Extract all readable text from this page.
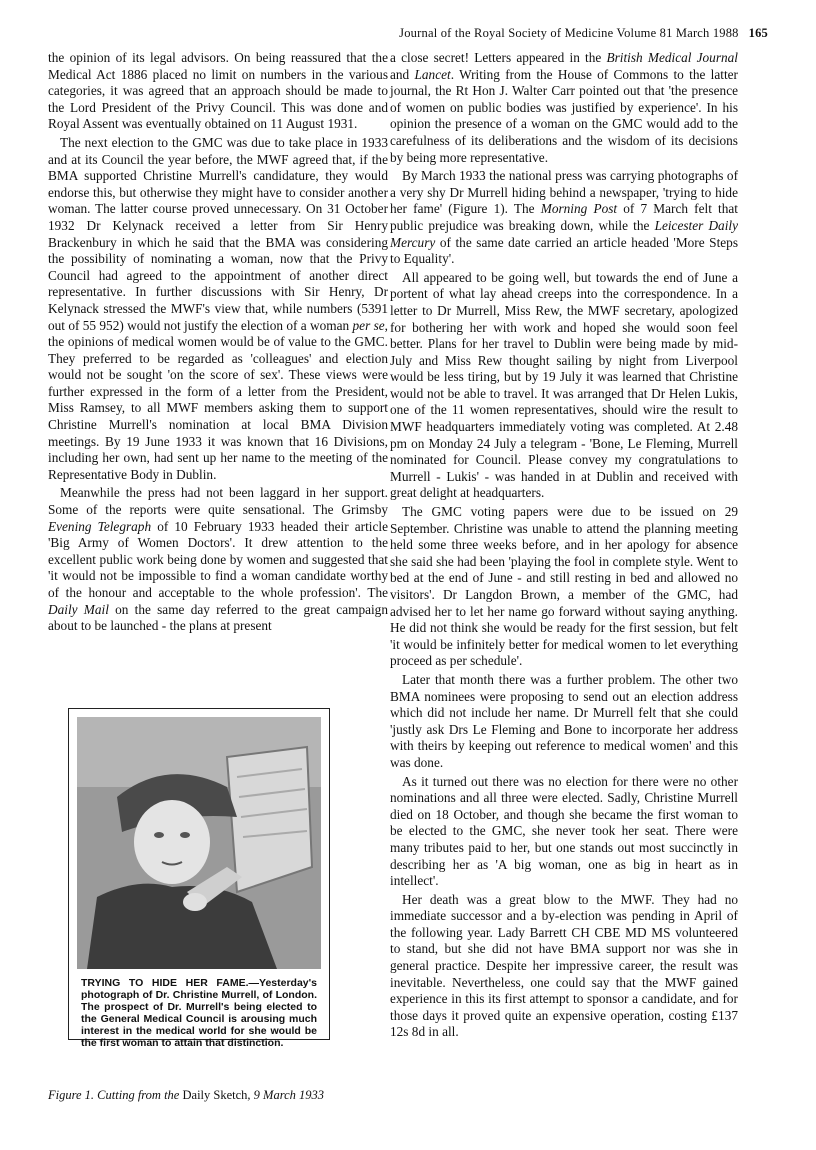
Journal of the Royal Society of Medicine Volume 81 March 1988 165

the opinion of its legal advisors. On being reassured that the Medical Act 1886 placed no limit on numbers in the various categories, it was agreed that an approach should be made to the Lord President of the Privy Council. This was done and Royal Assent was eventually obtained on 11 August 1931.

The next election to the GMC was due to take place in 1933 and at its Council the year before, the MWF agreed that, if the BMA supported Christine Murrell's candidature, they would endorse this, but otherwise they might have to consider another woman. The latter course proved unnecessary. On 31 October 1932 Dr Kelynack received a letter from Sir Henry Brackenbury in which he said that the BMA was considering the possibility of nominating a woman, now that the Privy Council had agreed to the appointment of another direct representative. In further discussions with Sir Henry, Dr Kelynack stressed the MWF's view that, while numbers (5391 out of 55 952) would not justify the election of a woman per se, the opinions of medical women would be of value to the GMC. They preferred to be regarded as 'colleagues' and election would not be sought 'on the score of sex'. These views were further expressed in the form of a letter from the President, Miss Ramsey, to all MWF members asking them to support Christine Murrell's nomination at local BMA Division meetings. By 19 June 1933 it was known that 16 Divisions, including her own, had sent up her name to the meeting of the Representative Body in Dublin.

Meanwhile the press had not been laggard in her support. Some of the reports were quite sensational. The Grimsby Evening Telegraph of 10 February 1933 headed their article 'Big Army of Women Doctors'. It drew attention to the excellent public work being done by women and suggested that 'it would not be impossible to find a woman candidate worthy of the honour and acceptable to the whole profession'. The Daily Mail on the same day referred to the great campaign about to be launched - the plans at present

TRYING TO HIDE HER FAME.—Yesterday's photograph of Dr. Christine Murrell, of London. The prospect of Dr. Murrell's being elected to the General Medical Council is arousing much interest in the medical world for she would be the first woman to attain that distinction.
Figure 1. Cutting from the Daily Sketch, 9 March 1933

a close secret! Letters appeared in the British Medical Journal and Lancet. Writing from the House of Commons to the latter journal, the Rt Hon J. Walter Carr pointed out that 'the presence of women on public bodies was justified by experience'. In his opinion the presence of a woman on the GMC would add to the carefulness of its deliberations and the wisdom of its decisions by being more representative.

By March 1933 the national press was carrying photographs of a very shy Dr Murrell hiding behind a newspaper, 'trying to hide her fame' (Figure 1). The Morning Post of 7 March felt that public prejudice was breaking down, while the Leicester Daily Mercury of the same date carried an article headed 'More Steps to Equality'.

All appeared to be going well, but towards the end of June a portent of what lay ahead creeps into the correspondence. In a letter to Dr Murrell, Miss Rew, the MWF secretary, apologized for bothering her with work and hoped she would soon feel better. Plans for her travel to Dublin were being made by mid-July and Miss Rew thought sailing by night from Liverpool would be less tiring, but by 19 July it was learned that Christine would not be able to travel. It was arranged that Dr Helen Lukis, one of the 11 women representatives, should wire the result to MWF headquarters immediately voting was completed. At 2.48 pm on Monday 24 July a telegram - 'Bone, Le Fleming, Murrell nominated for Council. Please convey my congratulations to Murrell - Lukis' - was handed in at Dublin and received with great delight at headquarters.

The GMC voting papers were due to be issued on 29 September. Christine was unable to attend the planning meeting held some three weeks before, and in her apology for absence she said she had been 'playing the fool in complete style. Went to bed at the end of June - and still resting in bed and allowed no visitors'. Dr Langdon Brown, a member of the GMC, had advised her to let her name go forward without saying anything. He did not think she would be ready for the first session, but felt 'it would be infinitely better for medical women to let everything proceed as per schedule'.

Later that month there was a further problem. The other two BMA nominees were proposing to send out an election address which did not include her name. Dr Murrell felt that she could 'justly ask Drs Le Fleming and Bone to incorporate her address with theirs by keeping out reference to medical women' and this was done.

As it turned out there was no election for there were no other nominations and all three were elected. Sadly, Christine Murrell died on 18 October, and though she became the first woman to be elected to the GMC, she never took her seat. There were many tributes paid to her, but one stands out most succinctly in describing her as 'A big woman, one as big in heart as in intellect'.

Her death was a great blow to the MWF. They had no immediate successor and a by-election was pending in April of the following year. Lady Barrett CH CBE MD MS volunteered to stand, but she did not have BMA support nor was she in general practice. Despite her impressive career, the result was inevitable. Nevertheless, one could say that the MWF gained experience in this its first attempt to sponsor a candidate, and for those days it proved quite an expensive operation, costing £137 12s 8d in all.
